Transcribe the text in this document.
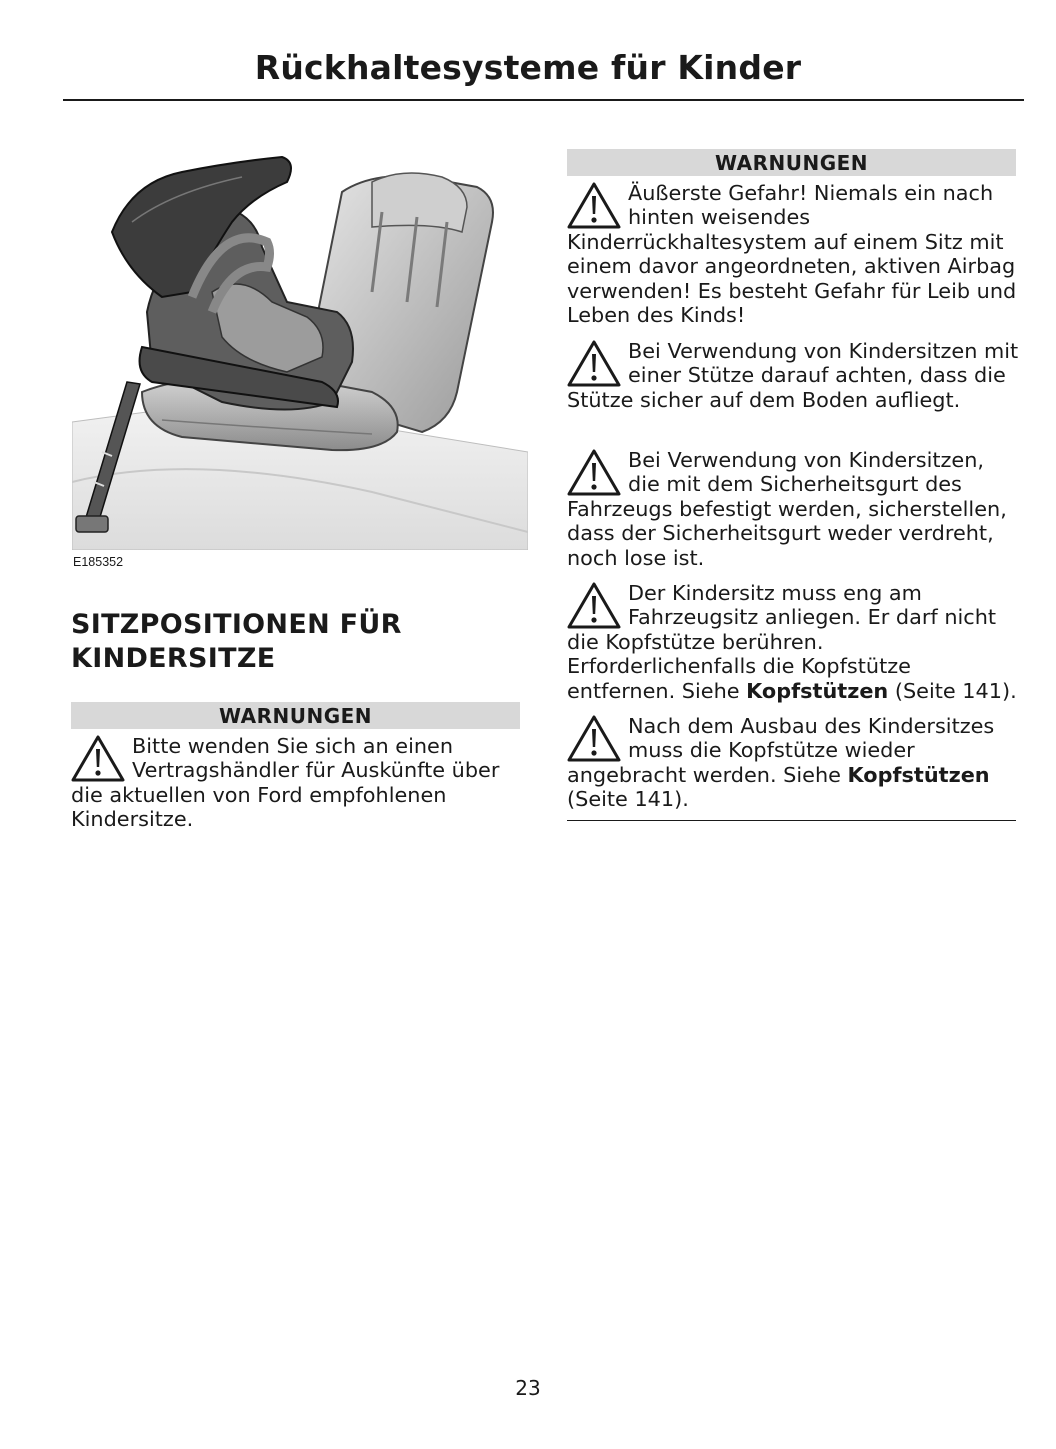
Rückhaltesysteme für Kinder
E185352
SITZPOSITIONEN FÜR
KINDERSITZE
WARNUNGEN

Bitte wenden Sie sich an einen Vertragshändler für Auskünfte über die aktuellen von Ford empfohlenen Kindersitze.

WARNUNGEN

Äußerste Gefahr! Niemals ein nach hinten weisendes Kinderrückhaltesystem auf einem Sitz mit einem davor angeordneten, aktiven Airbag verwenden! Es besteht Gefahr für Leib und Leben des Kinds!

Bei Verwendung von Kindersitzen mit einer Stütze darauf achten, dass die Stütze sicher auf dem Boden aufliegt.

Bei Verwendung von Kindersitzen, die mit dem Sicherheitsgurt des Fahrzeugs befestigt werden, sicherstellen, dass der Sicherheitsgurt weder verdreht, noch lose ist.

Der Kindersitz muss eng am Fahrzeugsitz anliegen. Er darf nicht die Kopfstütze berühren. Erforderlichenfalls die Kopfstütze entfernen. Siehe Kopfstützen (Seite 141).

Nach dem Ausbau des Kindersitzes muss die Kopfstütze wieder angebracht werden. Siehe Kopfstützen (Seite 141).

23
